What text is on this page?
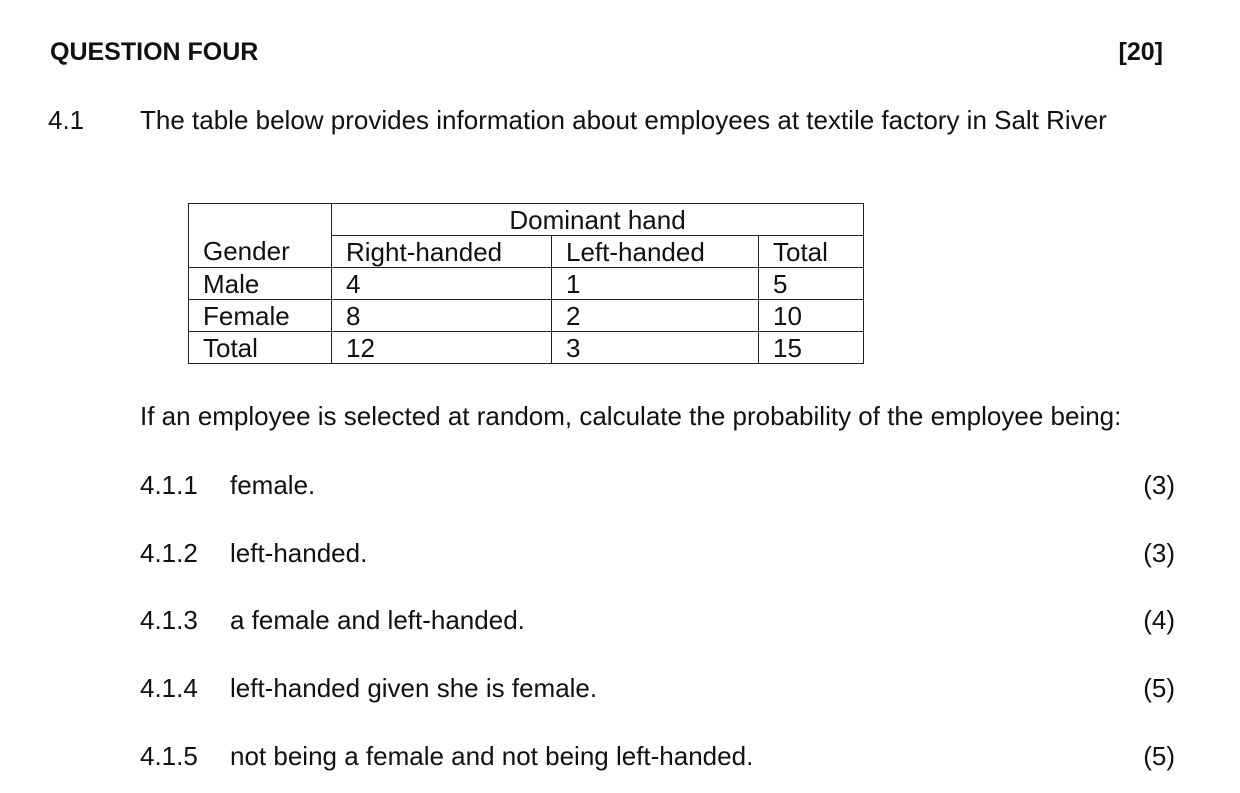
QUESTION FOUR	[20]
4.1 The table below provides information about employees at textile factory in Salt River
	Dominant hand		
Gender	Right-handed	Left-handed	Total
Male	4	1	5
Female	8	2	10
Total	12	3	15
If an employee is selected at random, calculate the probability of the employee being:
4.1.1 female.	(3)
4.1.2 left-handed.	(3)
4.1.3 a female and left-handed.	(4)
4.1.4 left-handed given she is female.	(5)
4.1.5 not being a female and not being left-handed.	(5)
